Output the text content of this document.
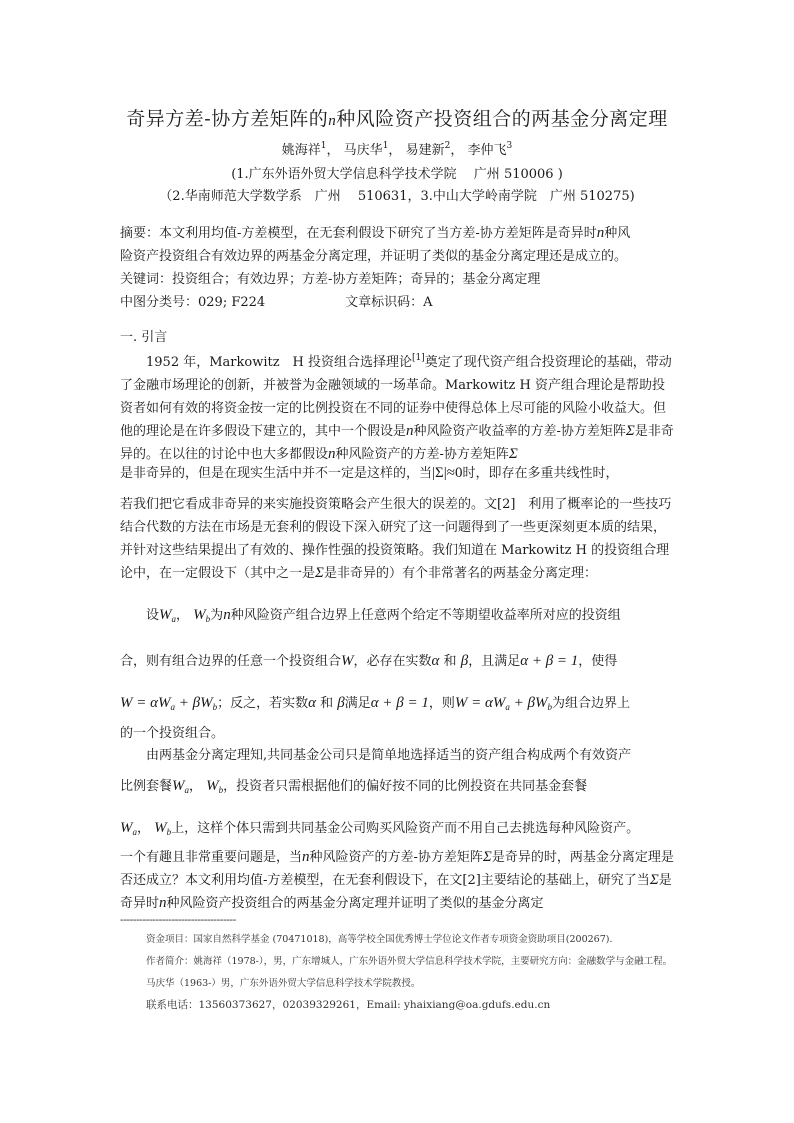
奇异方差-协方差矩阵的n种风险资产投资组合的两基金分离定理
姚海祥$^1$， 马庆华$^1$， 易建新$^2$， 李仲飞$^3$
(1.广东外语外贸大学信息科学技术学院　 广州 510006 )
（2.华南师范大学数学系　广州　 510631，3.中山大学岭南学院　广州 510275)
摘要：本文利用均值-方差模型，在无套利假设下研究了当方差-协方差矩阵是奇异时n种风
险资产投资组合有效边界的两基金分离定理，并证明了类似的基金分离定理还是成立的。
关键词：投资组合；有效边界；方差-协方差矩阵；奇异的；基金分离定理
中图分类号：029; F224	文章标识码：A
一. 引言
1952 年，Markowitz　H 投资组合选择理论[1]奠定了现代资产组合投资理论的基础，带动了金融市场理论的创新，并被誉为金融领域的一场革命。Markowitz H 资产组合理论是帮助投资者如何有效的将资金按一定的比例投资在不同的证券中使得总体上尽可能的风险小收益大。但他的理论是在许多假设下建立的，其中一个假设是n种风险资产收益率的方差-协方差矩阵Σ是非奇异的。在以往的讨论中也大多都假设n种风险资产的方差-协方差矩阵Σ
是非奇异的，但是在现实生活中并不一定是这样的，当|Σ|≈0时，即存在多重共线性时，
若我们把它看成非奇异的来实施投资策略会产生很大的误差的。文[2]　利用了概率论的一些技巧结合代数的方法在市场是无套利的假设下深入研究了这一问题得到了一些更深刻更本质的结果，并针对这些结果提出了有效的、操作性强的投资策略。我们知道在 Markowitz H 的投资组合理论中，在一定假设下（其中之一是Σ是非奇异的）有个非常著名的两基金分离定理：
设$W_a$， $W_b$为n种风险资产组合边界上任意两个给定不等期望收益率所对应的投资组
合，则有组合边界的任意一个投资组合W，必存在实数α 和 β，且满足α + β = 1，使得
$W = \alpha W_a + \beta W_b$；反之，若实数α 和 β满足α + β = 1，则$W = \alpha W_a + \beta W_b$为组合边界上
的一个投资组合。
由两基金分离定理知,共同基金公司只是简单地选择适当的资产组合构成两个有效资产
比例套餐$W_a$， $W_b$，投资者只需根据他们的偏好按不同的比例投资在共同基金套餐
$W_a$， $W_b$上，这样个体只需到共同基金公司购买风险资产而不用自己去挑选每种风险资产。
一个有趣且非常重要问题是，当n种风险资产的方差-协方差矩阵Σ是奇异的时，两基金分离定理是否还成立？本文利用均值-方差模型，在无套利假设下，在文[2]主要结论的基础上，研究了当Σ是奇异时n种风险资产投资组合的两基金分离定理并证明了类似的基金分离定
------------------------------------
资金项目：国家自然科学基金 (70471018)，高等学校全国优秀博士学位论文作者专项资金资助项目(200267).
作者简介：姚海祥（1978-），男，广东增城人，广东外语外贸大学信息科学技术学院，主要研究方向：金融数学与金融工程。
马庆华（1963-）男，广东外语外贸大学信息科学技术学院教授。
联系电话：13560373627，02039329261，Email: yhaixiang@oa.gdufs.edu.cn
